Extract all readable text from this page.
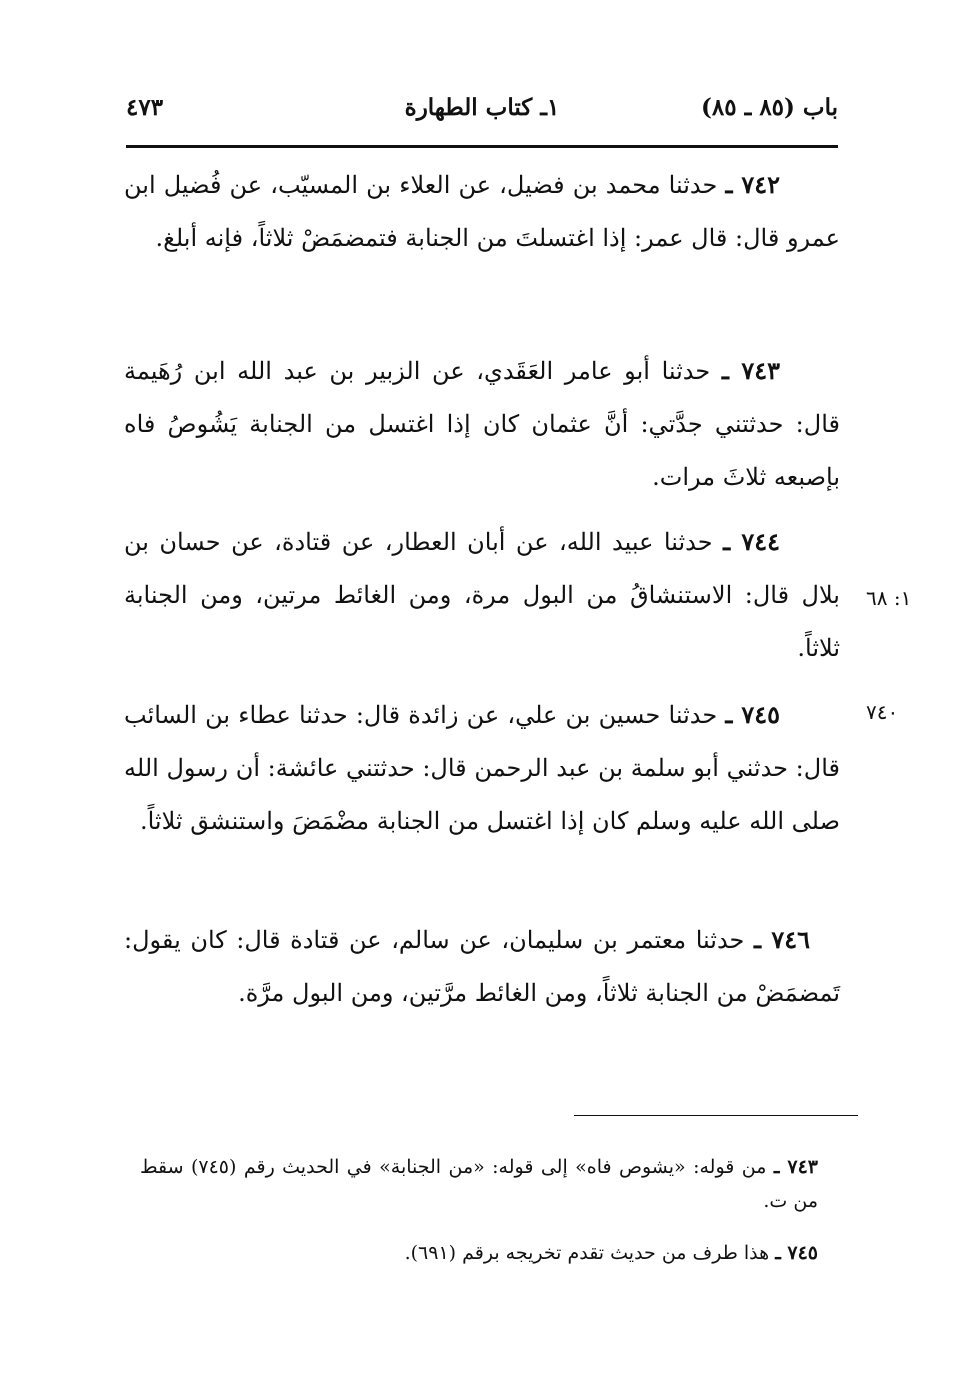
باب (٨٥ ـ ٨٥)
١ـ كتاب الطهارة
٤٧٣

٧٤٢ ـ حدثنا محمد بن فضيل، عن العلاء بن المسيّب، عن فُضيل ابن عمرو قال: قال عمر: إذا اغتسلتَ من الجنابة فتمضمَضْ ثلاثاً، فإنه أبلغ.

٧٤٣ ـ حدثنا أبو عامر العَقَدي، عن الزبير بن عبد الله ابن رُهَيمة قال: حدثتني جدَّتي: أنَّ عثمان كان إذا اغتسل من الجنابة يَشُوصُ فاه بإصبعه ثلاثَ مرات.

٧٤٤ ـ حدثنا عبيد الله، عن أبان العطار، عن قتادة، عن حسان بن بلال قال: الاستنشاقُ من البول مرة، ومن الغائط مرتين، ومن الجنابة ثلاثاً.

٧٤٥ ـ حدثنا حسين بن علي، عن زائدة قال: حدثنا عطاء بن السائب قال: حدثني أبو سلمة بن عبد الرحمن قال: حدثتني عائشة: أن رسول الله صلى الله عليه وسلم كان إذا اغتسل من الجنابة مضْمَضَ واستنشق ثلاثاً.

٧٤٦ ـ حدثنا معتمر بن سليمان، عن سالم، عن قتادة قال: كان يقول: تَمضمَضْ من الجنابة ثلاثاً، ومن الغائط مرَّتين، ومن البول مرَّة.

١: ٦٨
٧٤٠

٧٤٣ ـ من قوله: «يشوص فاه» إلى قوله: «من الجنابة» في الحديث رقم (٧٤٥) سقط من ت.

٧٤٥ ـ هذا طرف من حديث تقدم تخريجه برقم (٦٩١).
